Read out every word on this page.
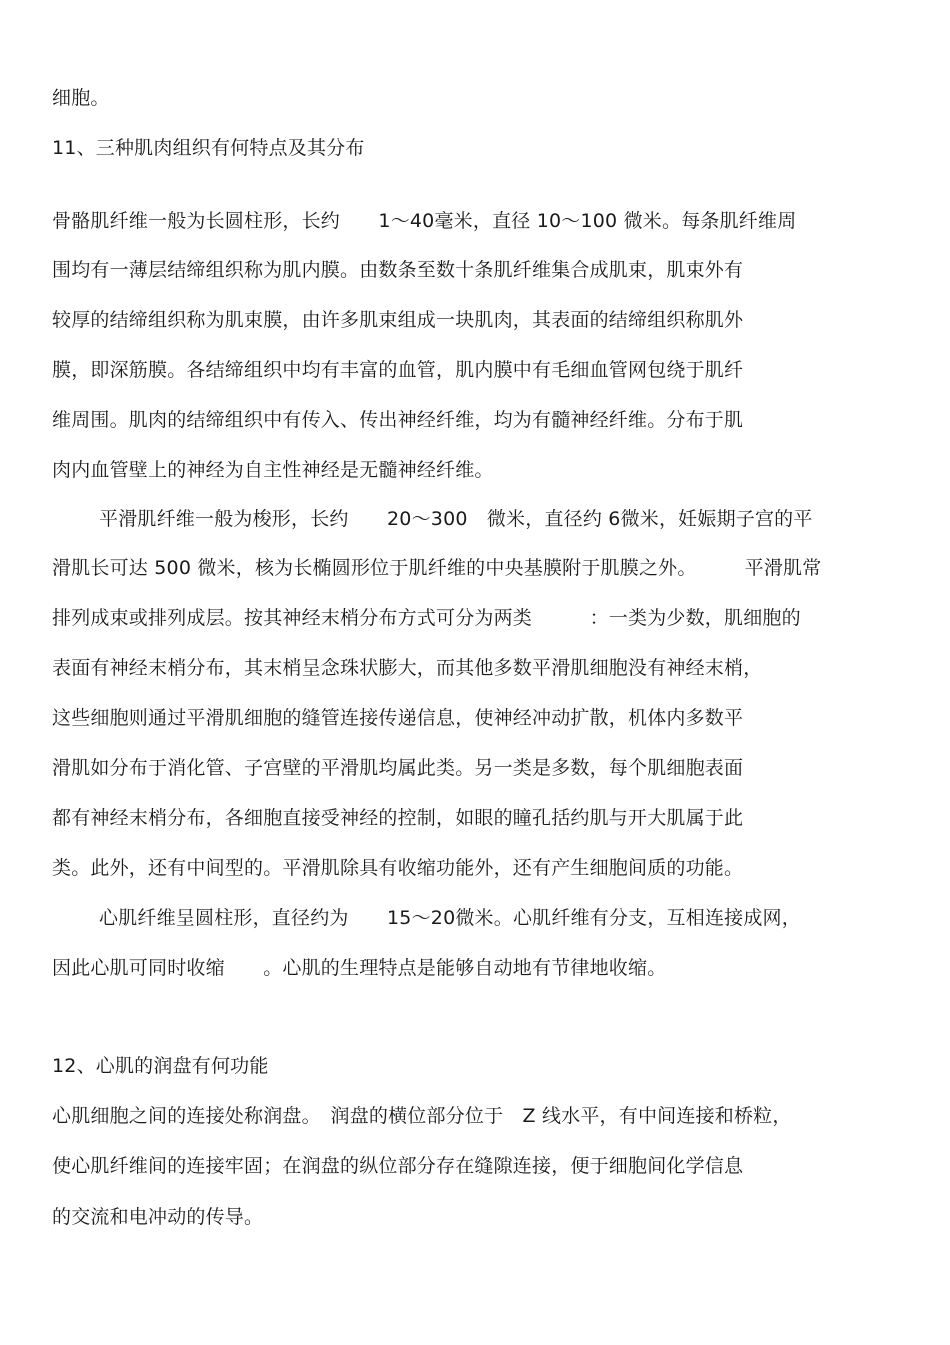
细胞。
11、三种肌肉组织有何特点及其分布
骨骼肌纤维一般为长圆柱形，长约　　1～40毫米，直径 10～100 微米。每条肌纤维周
围均有一薄层结缔组织称为肌内膜。由数条至数十条肌纤维集合成肌束，肌束外有
较厚的结缔组织称为肌束膜，由许多肌束组成一块肌肉，其表面的结缔组织称肌外
膜，即深筋膜。各结缔组织中均有丰富的血管，肌内膜中有毛细血管网包绕于肌纤
维周围。肌肉的结缔组织中有传入、传出神经纤维，均为有髓神经纤维。分布于肌
肉内血管壁上的神经为自主性神经是无髓神经纤维。
平滑肌纤维一般为梭形，长约　　20～300　微米，直径约 6微米，妊娠期子宫的平
滑肌长可达 500 微米，核为长椭圆形位于肌纤维的中央基膜附于肌膜之外。　　　平滑肌常
排列成束或排列成层。按其神经末梢分布方式可分为两类　　　：一类为少数，肌细胞的
表面有神经末梢分布，其末梢呈念珠状膨大，而其他多数平滑肌细胞没有神经末梢，
这些细胞则通过平滑肌细胞的缝管连接传递信息，使神经冲动扩散，机体内多数平
滑肌如分布于消化管、子宫壁的平滑肌均属此类。另一类是多数，每个肌细胞表面
都有神经末梢分布，各细胞直接受神经的控制，如眼的瞳孔括约肌与开大肌属于此
类。此外，还有中间型的。平滑肌除具有收缩功能外，还有产生细胞间质的功能。
心肌纤维呈圆柱形，直径约为　　15～20微米。心肌纤维有分支，互相连接成网，
因此心肌可同时收缩　　。心肌的生理特点是能够自动地有节律地收缩。
12、心肌的润盘有何功能
心肌细胞之间的连接处称润盘。　润盘的横位部分位于　Z 线水平，有中间连接和桥粒，
使心肌纤维间的连接牢固；在润盘的纵位部分存在缝隙连接，便于细胞间化学信息
的交流和电冲动的传导。
